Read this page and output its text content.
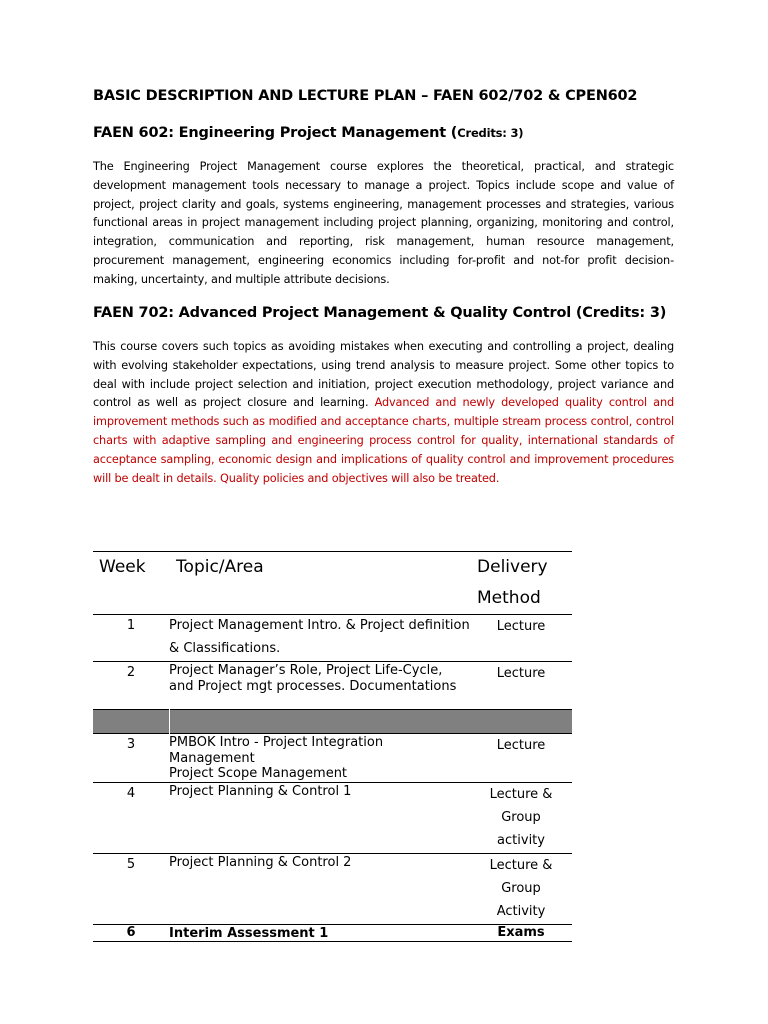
BASIC DESCRIPTION AND LECTURE PLAN – FAEN 602/702 & CPEN602
FAEN 602: Engineering Project Management (Credits: 3)

The Engineering Project Management course explores the theoretical, practical, and strategic development management tools necessary to manage a project. Topics include scope and value of project, project clarity and goals, systems engineering, management processes and strategies, various functional areas in project management including project planning, organizing, monitoring and control, integration, communication and reporting, risk management, human resource management, procurement management, engineering economics including for-profit and not-for profit decision-making, uncertainty, and multiple attribute decisions.

FAEN 702: Advanced Project Management & Quality Control (Credits: 3)

This course covers such topics as avoiding mistakes when executing and controlling a project, dealing with evolving stakeholder expectations, using trend analysis to measure project. Some other topics to deal with include project selection and initiation, project execution methodology, project variance and control as well as project closure and learning. Advanced and newly developed quality control and improvement methods such as modified and acceptance charts, multiple stream process control, control charts with adaptive sampling and engineering process control for quality, international standards of acceptance sampling, economic design and implications of quality control and improvement procedures will be dealt in details. Quality policies and objectives will also be treated.

Week	Topic/Area	Delivery Method
1	Project Management Intro. & Project definition & Classifications.	Lecture
2	Project Manager’s Role, Project Life-Cycle, and Project mgt processes. Documentations	Lecture

3	PMBOK Intro - Project Integration Management
Project Scope Management	Lecture
4	Project Planning & Control 1	Lecture & Group activity
5	Project Planning & Control 2	Lecture & Group Activity
6	Interim Assessment 1	Exams
